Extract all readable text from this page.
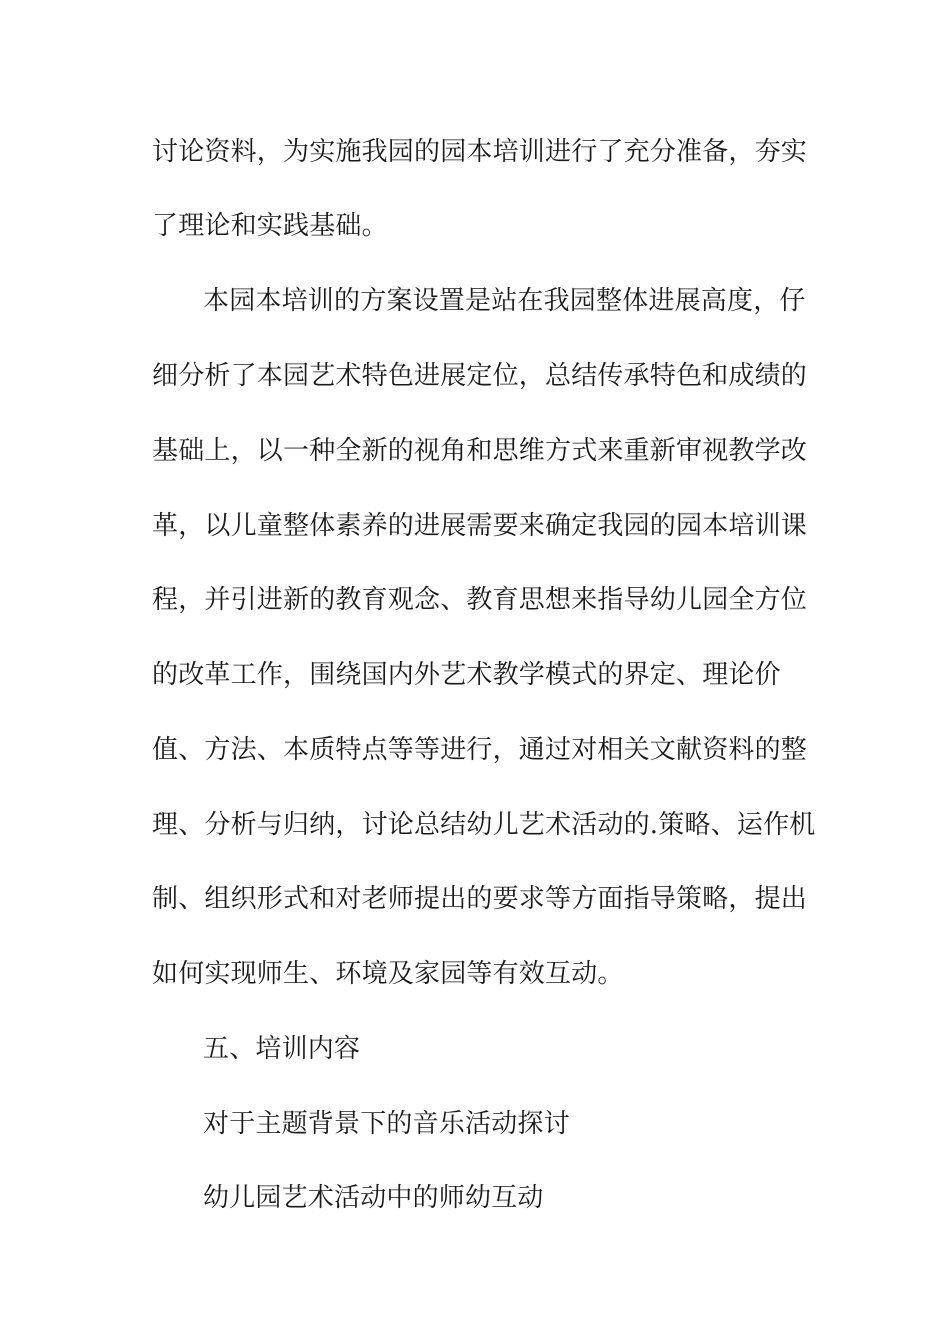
讨论资料，为实施我园的园本培训进行了充分准备，夯实
了理论和实践基础。
本园本培训的方案设置是站在我园整体进展高度，仔
细分析了本园艺术特色进展定位，总结传承特色和成绩的
基础上，以一种全新的视角和思维方式来重新审视教学改
革，以儿童整体素养的进展需要来确定我园的园本培训课
程，并引进新的教育观念、教育思想来指导幼儿园全方位
的改革工作，围绕国内外艺术教学模式的界定、理论价
值、方法、本质特点等等进行，通过对相关文献资料的整
理、分析与归纳，讨论总结幼儿艺术活动的.策略、运作机
制、组织形式和对老师提出的要求等方面指导策略，提出
如何实现师生、环境及家园等有效互动。
五、培训内容
对于主题背景下的音乐活动探讨
幼儿园艺术活动中的师幼互动
